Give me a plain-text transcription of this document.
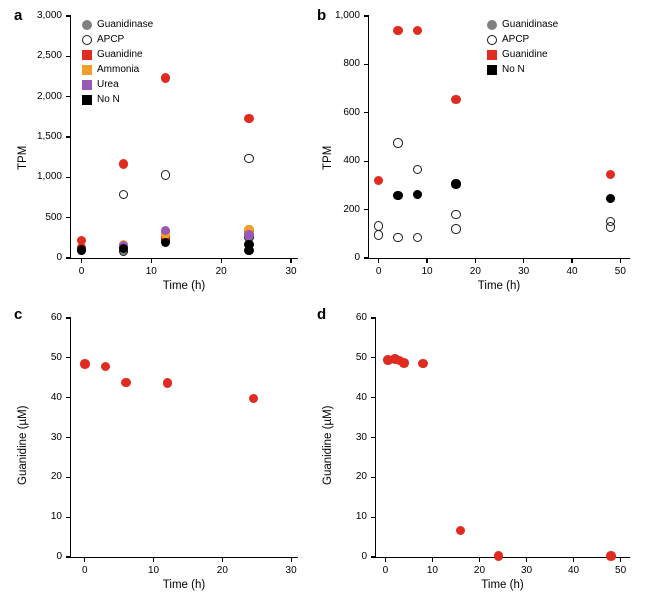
a
TPM
0
500
1,000
1,500
2,000
2,500
3,000
0	10	20	30
Time (h)
Guanidinase
APCP
Guanidine
Ammonia
Urea
No N
b
TPM
0
200
400
600
800
1,000
0	10	20	30	40	50
Time (h)
Guanidinase
APCP
Guanidine
No N
c
Guanidine (µM)
0
10
20
30
40
50
60
0	10	20	30
Time (h)
d
Guanidine (µM)
0
10
20
30
40
50
60
0	10	20	30	40	50
Time (h)
